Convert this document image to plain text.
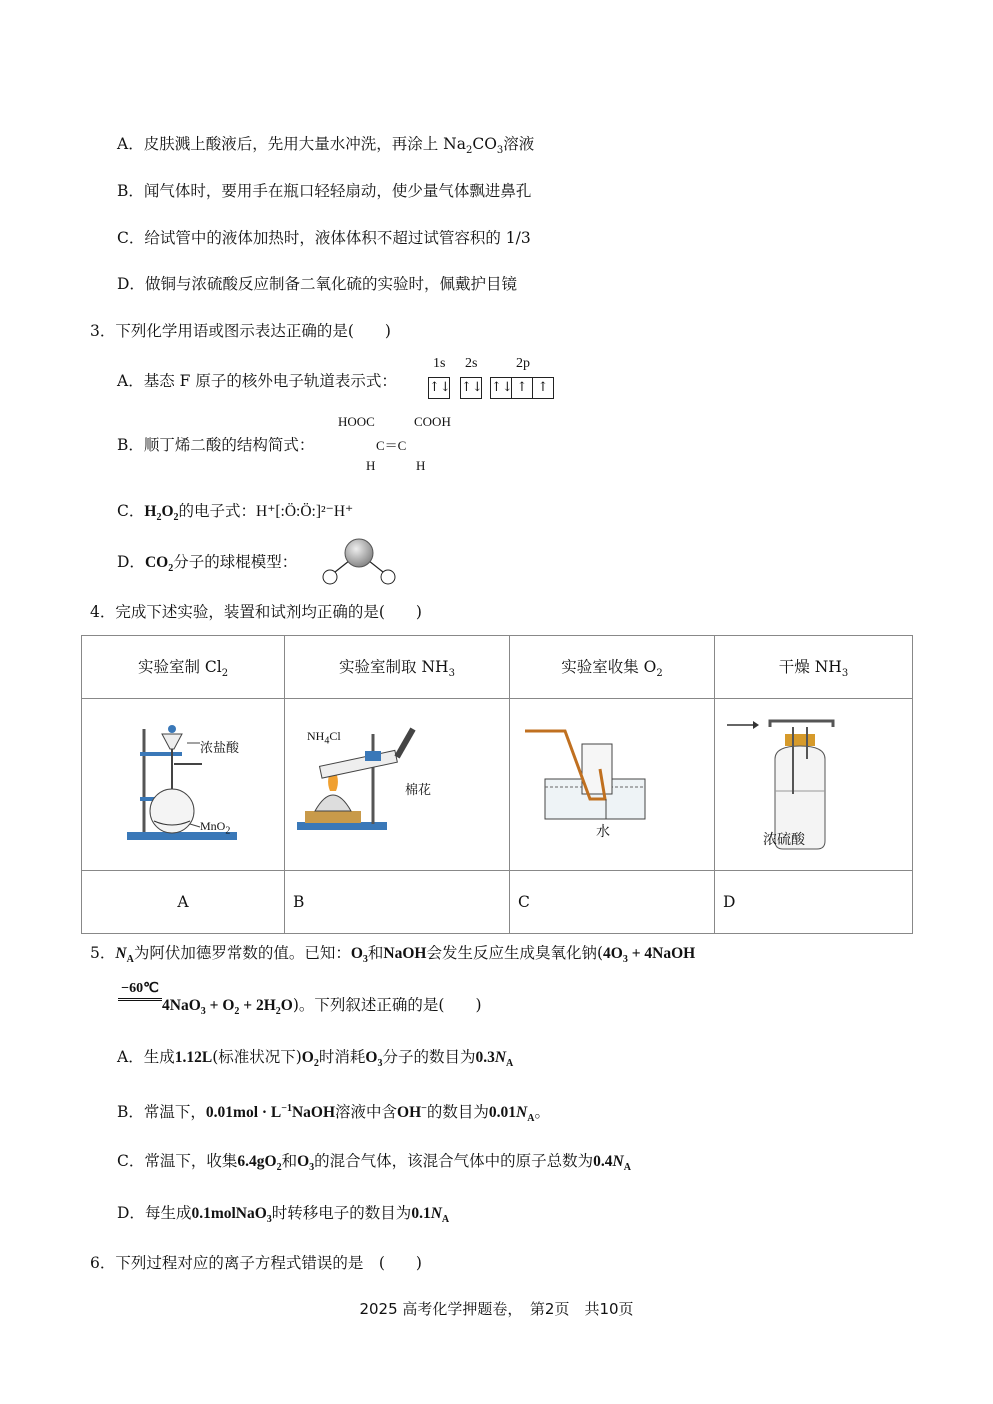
A．皮肤溅上酸液后，先用大量水冲洗，再涂上 $Na_2CO_3$溶液
B．闻气体时，要用手在瓶口轻轻扇动，使少量气体飘进鼻孔
C．给试管中的液体加热时，液体体积不超过试管容积的 1/3
D．做铜与浓硫酸反应制备二氧化硫的实验时，佩戴护目镜
3．下列化学用语或图示表达正确的是(　　)
A．基态 F 原子的核外电子轨道表示式：
1s 2s	2p
↑↓ ↑↓ ↑↓ ↑ ↑
B．顺丁烯二酸的结构简式：
HOOC	COOH
C＝C
H	H
C．$H_2O_2$的电子式：H⁺[:Ö:Ö:]²⁻H⁺
D．$CO_2$分子的球棍模型：
4．完成下述实验，装置和试剂均正确的是(　　)
实验室制 $Cl_2$	实验室制取 $NH_3$	实验室收集 $O_2$	干燥 $NH_3$

浓盐酸
MnO$_2$	$NH_4Cl$
棉花	水	浓硫酸

A	B	C	D
5．$N_A$为阿伏加德罗常数的值。已知：$O_3$和NaOH会发生反应生成臭氧化钠($4O_3$ + 4NaOH
−60℃
$4NaO_3 + O_2 + 2H_2O$)。下列叙述正确的是(　　)
A．生成1.12L(标准状况下)$O_2$时消耗$O_3$分子的数目为$0.3N_A$
B．常温下，$0.01mol \cdot L^{-1}NaOH$溶液中含OH−的数目为$0.01N_A$。
C．常温下，收集$6.4gO_2$和$O_3$的混合气体，该混合气体中的原子总数为$0.4N_A$
D．每生成0.1molNaO$_3$时转移电子的数目为$0.1N_A$
6．下列过程对应的离子方程式错误的是　(　　)
2025 高考化学押题卷，　第2页　共10页
